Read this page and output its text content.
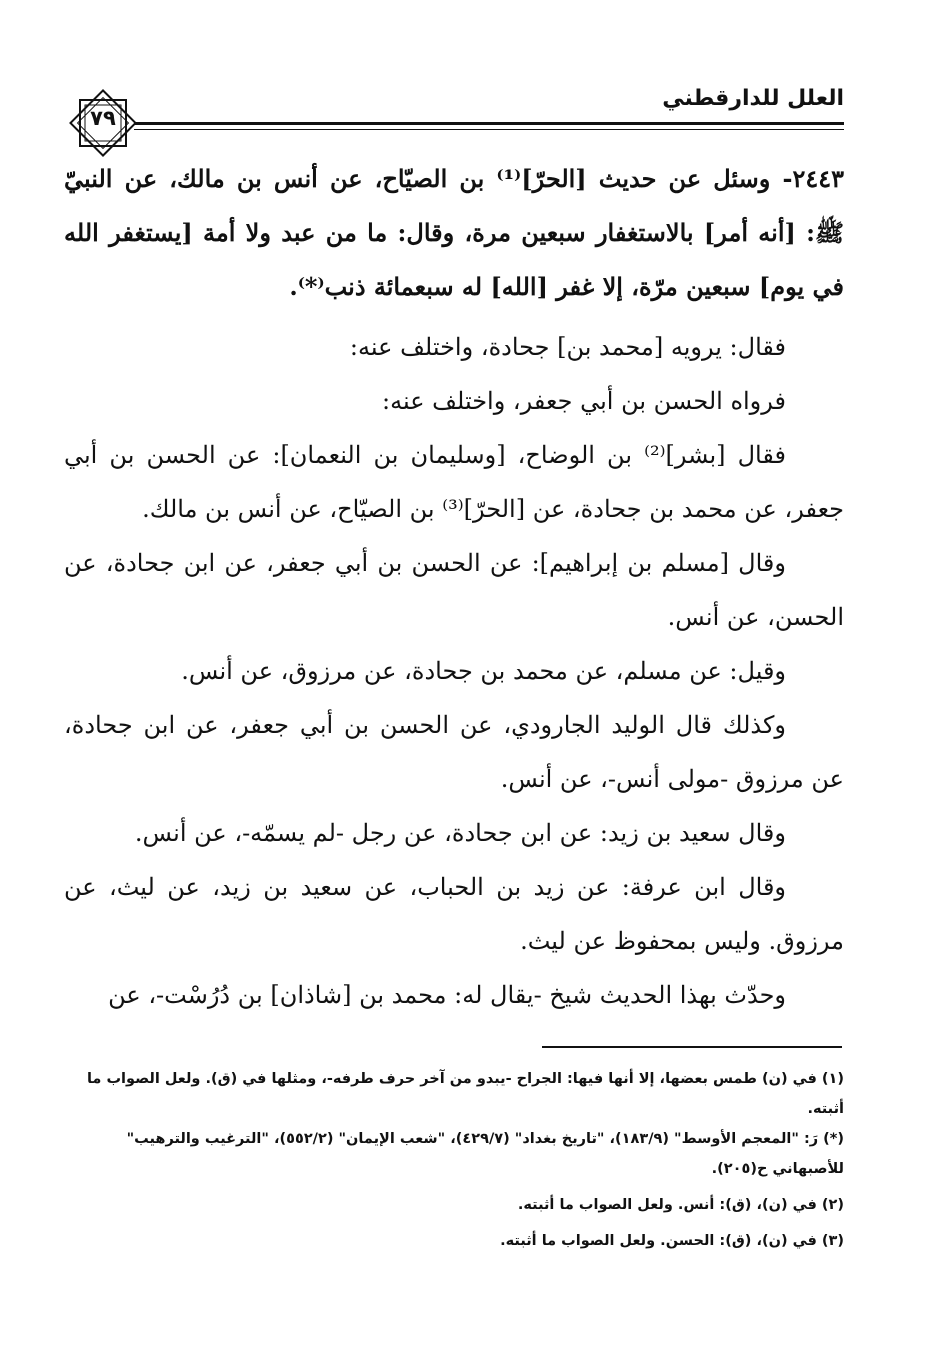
العلل للدارقطني
٧٩

٢٤٤٣- وسئل عن حديث [الحرّ]⁽¹⁾ بن الصيّاح، عن أنس بن مالك، عن النبيّ ﷺ: [أنه أمر] بالاستغفار سبعين مرة، وقال: ما من عبد ولا أمة [يستغفر الله في يوم] سبعين مرّة، إلا غفر [الله] له سبعمائة ذنب⁽*⁾.

فقال: يرويه [محمد بن] جحادة، واختلف عنه:

فرواه الحسن بن أبي جعفر، واختلف عنه:

فقال [بشر]⁽²⁾ بن الوضاح، [وسليمان بن النعمان]: عن الحسن بن أبي جعفر، عن محمد بن جحادة، عن [الحرّ]⁽³⁾ بن الصيّاح، عن أنس بن مالك.

وقال [مسلم بن إبراهيم]: عن الحسن بن أبي جعفر، عن ابن جحادة، عن الحسن، عن أنس.

وقيل: عن مسلم، عن محمد بن جحادة، عن مرزوق، عن أنس.

وكذلك قال الوليد الجارودي، عن الحسن بن أبي جعفر، عن ابن جحادة، عن مرزوق -مولى أنس-، عن أنس.

وقال سعيد بن زيد: عن ابن جحادة، عن رجل -لم يسمّه-، عن أنس.

وقال ابن عرفة: عن زيد بن الحباب، عن سعيد بن زيد، عن ليث، عن مرزوق. وليس بمحفوظ عن ليث.

وحدّث بهذا الحديث شيخ -يقال له: محمد بن [شاذان] بن دُرُسْت-، عن

(١) في (ن) طمس بعضها، إلا أنها فيها: الجراح -يبدو من آخر حرف طرفه-، ومثلها في (ق). ولعل الصواب ما أثبته.

(*) رَ: "المعجم الأوسط" (١٨٣/٩)، "تاريخ بغداد" (٤٢٩/٧)، "شعب الإيمان" (٥٥٢/٢)، "الترغيب والترهيب" للأصبهاني ح(٢٠٥).

(٢) في (ن)، (ق): أنس. ولعل الصواب ما أثبته.

(٣) في (ن)، (ق): الحسن. ولعل الصواب ما أثبته.
